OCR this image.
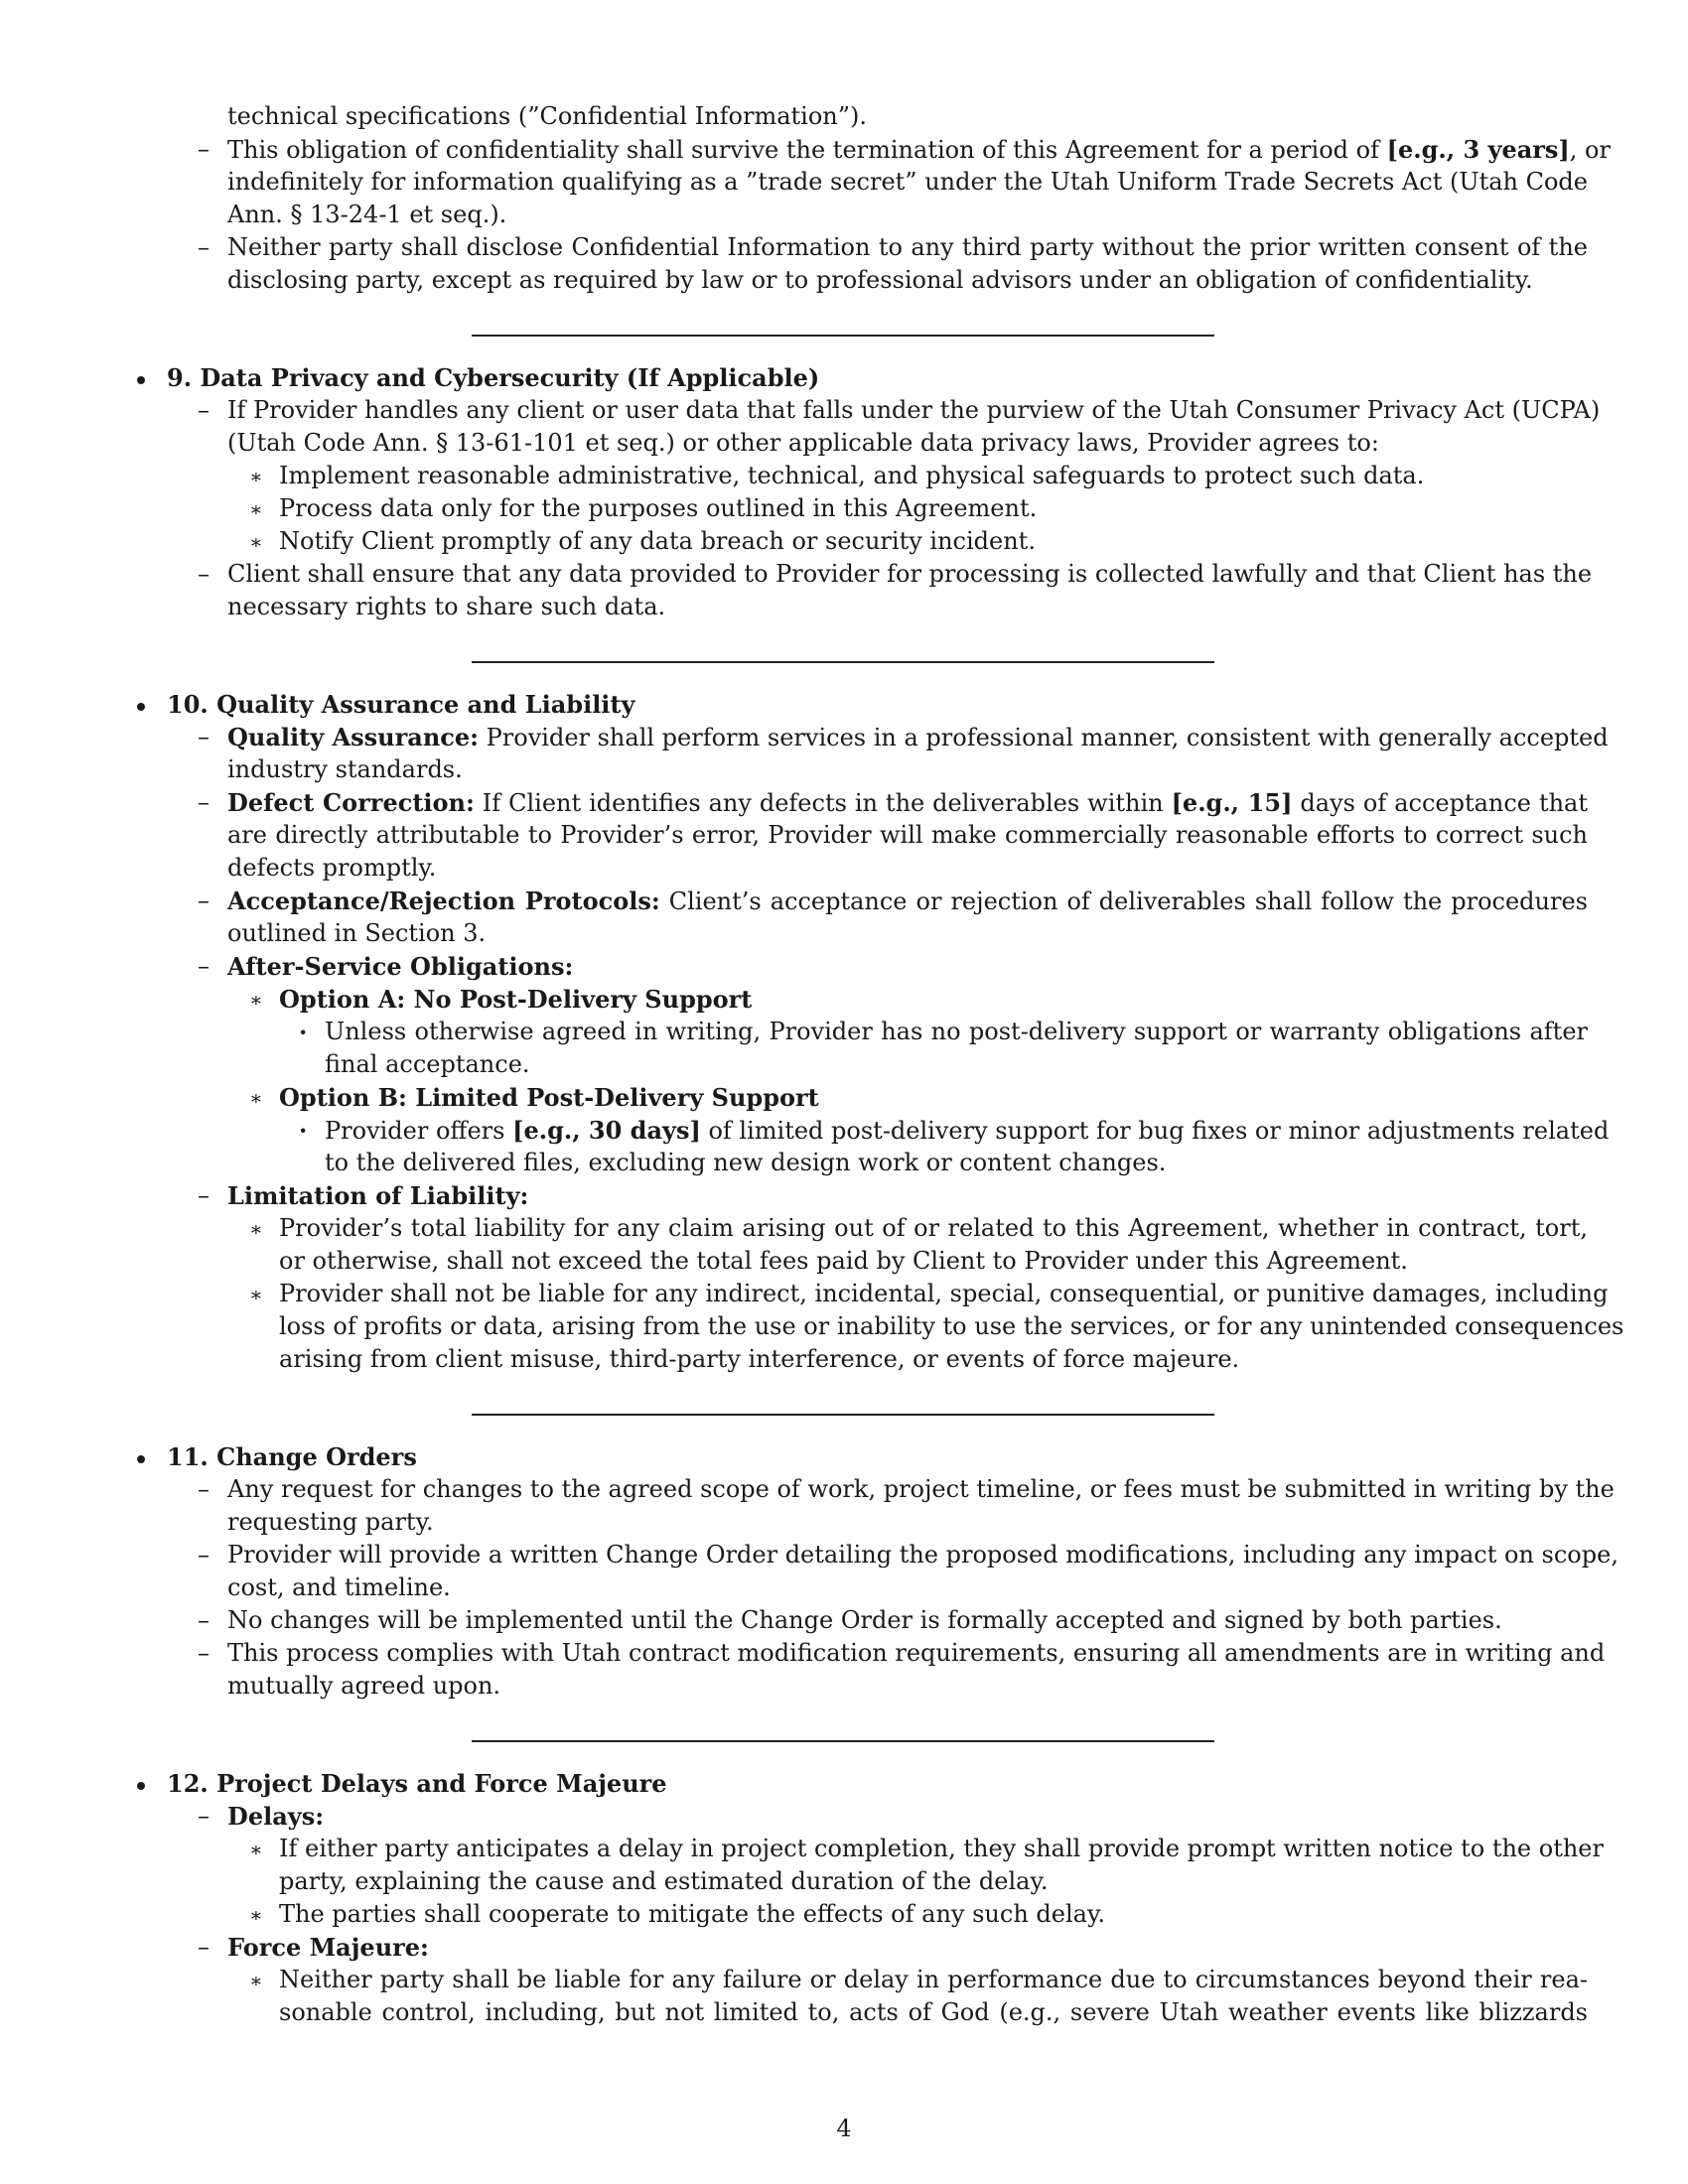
technical specifications (”Confidential Information”).
–
This obligation of confidentiality shall survive the termination of this Agreement for a period of [e.g., 3 years], or
indefinitely for information qualifying as a ”trade secret” under the Utah Uniform Trade Secrets Act (Utah Code
Ann. § 13-24-1 et seq.).
–
Neither party shall disclose Confidential Information to any third party without the prior written consent of the
disclosing party, except as required by law or to professional advisors under an obligation of confidentiality.
9. Data Privacy and Cybersecurity (If Applicable)
–
If Provider handles any client or user data that falls under the purview of the Utah Consumer Privacy Act (UCPA)
(Utah Code Ann. § 13-61-101 et seq.) or other applicable data privacy laws, Provider agrees to:
∗
Implement reasonable administrative, technical, and physical safeguards to protect such data.
∗
Process data only for the purposes outlined in this Agreement.
∗
Notify Client promptly of any data breach or security incident.
–
Client shall ensure that any data provided to Provider for processing is collected lawfully and that Client has the
necessary rights to share such data.
10. Quality Assurance and Liability
–
Quality Assurance: Provider shall perform services in a professional manner, consistent with generally accepted
industry standards.
–
Defect Correction: If Client identifies any defects in the deliverables within [e.g., 15] days of acceptance that
are directly attributable to Provider’s error, Provider will make commercially reasonable efforts to correct such
defects promptly.
–
Acceptance/Rejection Protocols: Client’s acceptance or rejection of deliverables shall follow the procedures
outlined in Section 3.
–
After-Service Obligations:
∗
Option A: No Post-Delivery Support
·
Unless otherwise agreed in writing, Provider has no post-delivery support or warranty obligations after
final acceptance.
∗
Option B: Limited Post-Delivery Support
·
Provider offers [e.g., 30 days] of limited post-delivery support for bug fixes or minor adjustments related
to the delivered files, excluding new design work or content changes.
–
Limitation of Liability:
∗
Provider’s total liability for any claim arising out of or related to this Agreement, whether in contract, tort,
or otherwise, shall not exceed the total fees paid by Client to Provider under this Agreement.
∗
Provider shall not be liable for any indirect, incidental, special, consequential, or punitive damages, including
loss of profits or data, arising from the use or inability to use the services, or for any unintended consequences
arising from client misuse, third-party interference, or events of force majeure.
11. Change Orders
–
Any request for changes to the agreed scope of work, project timeline, or fees must be submitted in writing by the
requesting party.
–
Provider will provide a written Change Order detailing the proposed modifications, including any impact on scope,
cost, and timeline.
–
No changes will be implemented until the Change Order is formally accepted and signed by both parties.
–
This process complies with Utah contract modification requirements, ensuring all amendments are in writing and
mutually agreed upon.
12. Project Delays and Force Majeure
–
Delays:
∗
If either party anticipates a delay in project completion, they shall provide prompt written notice to the other
party, explaining the cause and estimated duration of the delay.
∗
The parties shall cooperate to mitigate the effects of any such delay.
–
Force Majeure:
∗
Neither party shall be liable for any failure or delay in performance due to circumstances beyond their rea-
sonable control, including, but not limited to, acts of God (e.g., severe Utah weather events like blizzards
4
